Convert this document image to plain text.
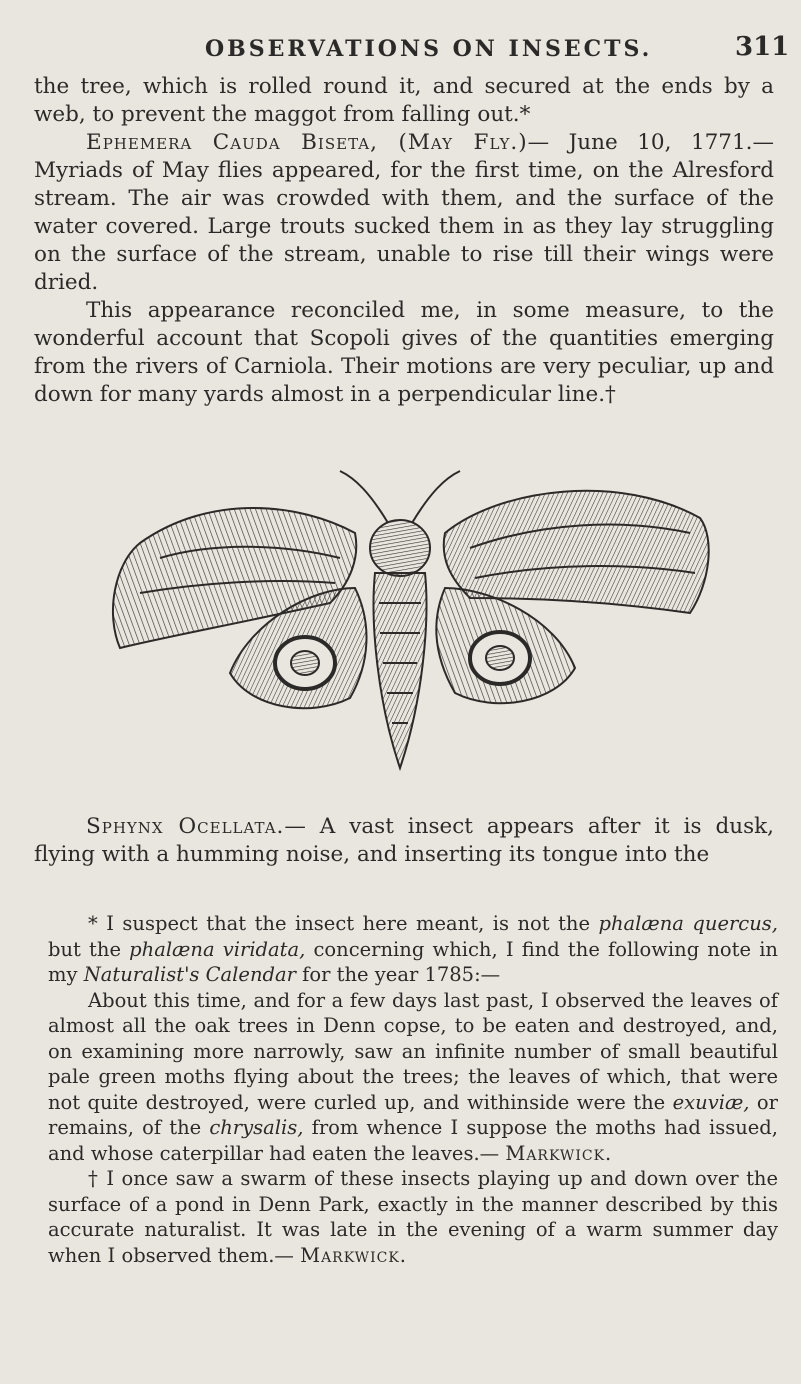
OBSERVATIONS ON INSECTS.	311

the tree, which is rolled round it, and secured at the ends by a web, to prevent the maggot from falling out.*

Ephemera Cauda Biseta, (May Fly.)— June 10, 1771.— Myriads of May flies appeared, for the first time, on the Alresford stream. The air was crowded with them, and the surface of the water covered. Large trouts sucked them in as they lay struggling on the surface of the stream, unable to rise till their wings were dried.

This appearance reconciled me, in some measure, to the wonderful account that Scopoli gives of the quantities emerging from the rivers of Carniola. Their motions are very peculiar, up and down for many yards almost in a perpendicular line.†

Sphynx Ocellata.— A vast insect appears after it is dusk, flying with a humming noise, and inserting its tongue into the

* I suspect that the insect here meant, is not the phalæna quercus, but the phalæna viridata, concerning which, I find the following note in my Naturalist's Calendar for the year 1785:—

About this time, and for a few days last past, I observed the leaves of almost all the oak trees in Denn copse, to be eaten and destroyed, and, on examining more narrowly, saw an infinite number of small beautiful pale green moths flying about the trees; the leaves of which, that were not quite destroyed, were curled up, and withinside were the exuviæ, or remains, of the chrysalis, from whence I suppose the moths had issued, and whose caterpillar had eaten the leaves.— Markwick.

† I once saw a swarm of these insects playing up and down over the surface of a pond in Denn Park, exactly in the manner described by this accurate naturalist. It was late in the evening of a warm summer day when I observed them.— Markwick.
